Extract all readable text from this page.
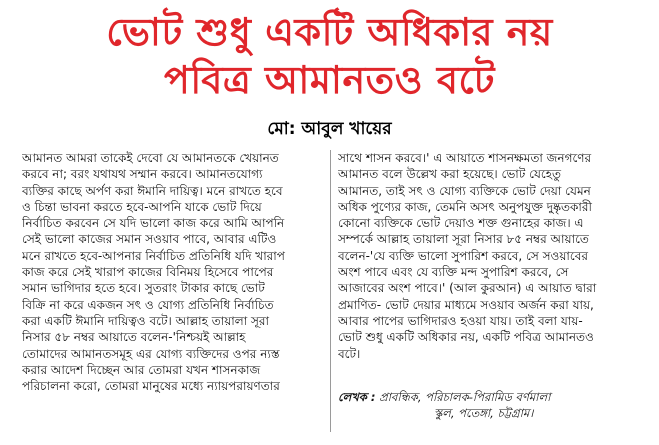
ভোট শুধু একটি অধিকার নয়
পবিত্র আমানতও বটে
মো: আবুল খায়ের
আমানত আমরা তাকেই দেবো যে আমানতকে খেয়ানত
করবে না; বরং যথাযথ সম্মান করবে। আমানতযোগ্য
ব্যক্তির কাছে অর্পণ করা ঈমানি দায়িত্ব। মনে রাখতে হবে
ও চিন্তা ভাবনা করতে হবে-আপনি যাকে ভোট দিয়ে
নির্বাচিত করবেন সে যদি ভালো কাজ করে আমি আপনি
সেই ভালো কাজের সমান সওয়াব পাবে, আবার এটিও
মনে রাখতে হবে-আপনার নির্বাচিত প্রতিনিধি যদি খারাপ
কাজ করে সেই খারাপ কাজের বিনিময় হিসেবে পাপের
সমান ভাগিদার হতে হবে। সুতরাং টাকার কাছে ভোট
বিক্রি না করে একজন সৎ ও যোগ্য প্রতিনিধি নির্বাচিত
করা একটি ঈমানি দায়িত্বও বটে। আল্লাহ তায়ালা সূরা
নিসার ৫৮ নম্বর আয়াতে বলেন-'নিশ্চয়ই আল্লাহ
তোমাদের আমানতসমূহ এর যোগ্য ব্যক্তিদের ওপর ন্যস্ত
করার আদেশ দিচ্ছেন আর তোমরা যখন শাসনকাজ
পরিচালনা করো, তোমরা মানুষের মধ্যে ন্যায়পরায়ণতার
সাথে শাসন করবে।' এ আয়াতে শাসনক্ষমতা জনগণের
আমানত বলে উল্লেখ করা হয়েছে। ভোট যেহেতু
আমানত, তাই সৎ ও যোগ্য ব্যক্তিকে ভোট দেয়া যেমন
অধিক পুণ্যের কাজ, তেমনি অসৎ অনুপযুক্ত দুষ্কৃতকারী
কোনো ব্যক্তিকে ভোট দেয়াও শক্ত গুনাহের কাজ। এ
সম্পর্কে আল্লাহ তায়ালা সূরা নিসার ৮৫ নম্বর আয়াতে
বলেন-'যে ব্যক্তি ভালো সুপারিশ করবে, সে সওয়াবের
অংশ পাবে এবং যে ব্যক্তি মন্দ সুপারিশ করবে, সে
আজাবের অংশ পাবে।' (আল কুরআন) এ আয়াত দ্বারা
প্রমাণিত- ভোট দেয়ার মাধ্যমে সওয়াব অর্জন করা যায়,
আবার পাপের ভাগিদারও হওয়া যায়। তাই বলা যায়-
ভোট শুধু একটি অধিকার নয়, একটি পবিত্র আমানতও
বটে।
লেখক : প্রাবন্ধিক, পরিচালক-পিরামিড বর্ণমালা
স্কুল, পতেঙ্গা, চট্টগ্রাম।
